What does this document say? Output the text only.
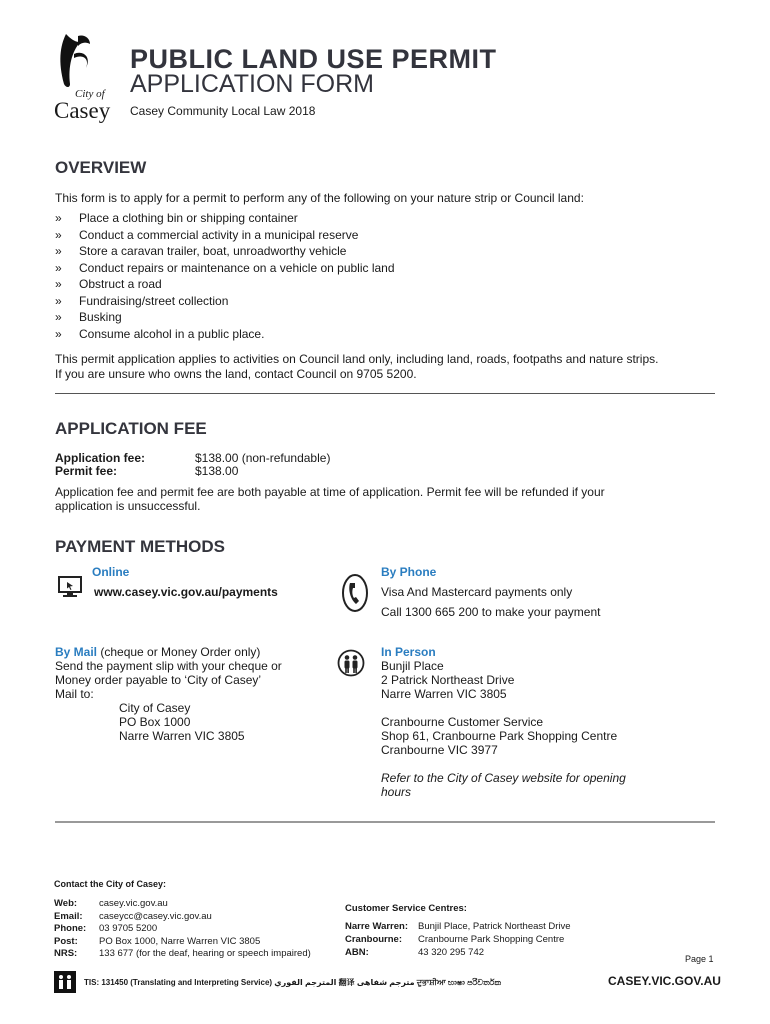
City of
Casey
PUBLIC LAND USE PERMIT
APPLICATION FORM
Casey Community Local Law 2018
OVERVIEW
This form is to apply for a permit to perform any of the following on your nature strip or Council land:
» Place a clothing bin or shipping container
» Conduct a commercial activity in a municipal reserve
» Store a caravan trailer, boat, unroadworthy vehicle
» Conduct repairs or maintenance on a vehicle on public land
» Obstruct a road
» Fundraising/street collection
» Busking
» Consume alcohol in a public place.
This permit application applies to activities on Council land only, including land, roads, footpaths and nature strips.
If you are unsure who owns the land, contact Council on 9705 5200.
APPLICATION FEE
Application fee:	$138.00 (non-refundable)
Permit fee:	$138.00
Application fee and permit fee are both payable at time of application. Permit fee will be refunded if your
application is unsuccessful.
PAYMENT METHODS
Online
www.casey.vic.gov.au/payments
By Phone
Visa And Mastercard payments only
Call 1300 665 200 to make your payment
By Mail (cheque or Money Order only)
Send the payment slip with your cheque or
Money order payable to ‘City of Casey’
Mail to:
City of Casey
PO Box 1000
Narre Warren VIC 3805
In Person
Bunjil Place
2 Patrick Northeast Drive
Narre Warren VIC 3805
Cranbourne Customer Service
Shop 61, Cranbourne Park Shopping Centre
Cranbourne VIC 3977
Refer to the City of Casey website for opening
hours
Contact the City of Casey:
Web: casey.vic.gov.au
Email: caseycc@casey.vic.gov.au
Phone: 03 9705 5200
Post: PO Box 1000, Narre Warren VIC 3805
NRS: 133 677 (for the deaf, hearing or speech impaired)
Customer Service Centres:
Narre Warren: Bunjil Place, Patrick Northeast Drive
Cranbourne: Cranbourne Park Shopping Centre
ABN:	43 320 295 742
Page 1
TIS: 131450 (Translating and Interpreting Service) المترجم الفوري 翻译 مترجم شفاهی ਦੁਭਾਸ਼ੀਆ භාෂා පරිවර්තක	CASEY.VIC.GOV.AU
